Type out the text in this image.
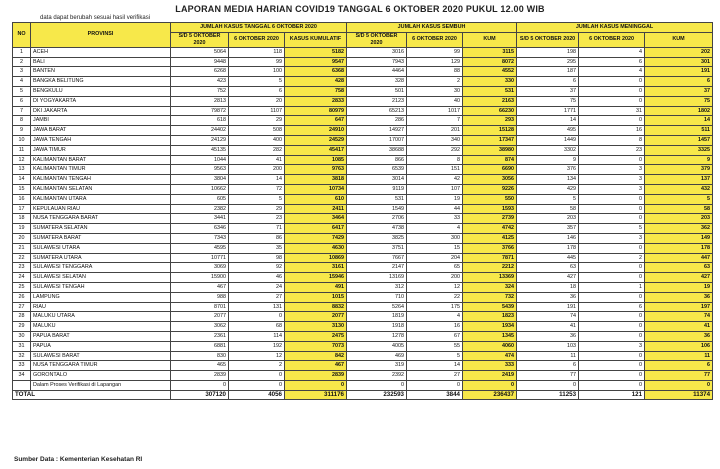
LAPORAN MEDIA HARIAN COVID19 TANGGAL 6 OKTOBER 2020 PUKUL 12.00 WIB
data dapat berubah sesuai hasil verifikasi
NO	PROVINSI	JUMLAH KASUS TANGGAL 6 OKTOBER 2020			JUMLAH KASUS SEMBUH			JUMLAH KASUS MENINGGAL		
		S/D 5 OKTOBER 2020	6 OKTOBER 2020	KASUS KUMULATIF	S/D 5 OKTOBER 2020	6 OKTOBER 2020	KUM	S/D 5 OKTOBER 2020	6 OKTOBER 2020	KUM
1	ACEH	5064	118	5182	3016	99	3115	198	4	202
2	BALI	9448	99	9547	7943	129	8072	295	6	301
3	BANTEN	6268	100	6368	4464	88	4552	187	4	191
4	BANGKA BELITUNG	423	5	428	328	2	330	6	0	6
5	BENGKULU	752	6	758	501	30	531	37	0	37
6	DI YOGYAKARTA	2813	20	2833	2123	40	2163	75	0	75
7	DKI JAKARTA	79872	1107	80979	65213	1017	66230	1771	31	1802
8	JAMBI	618	29	647	286	7	293	14	0	14
9	JAWA BARAT	24402	508	24910	14927	201	15128	495	16	511
10	JAWA TENGAH	24129	400	24529	17007	340	17347	1449	8	1457
11	JAWA TIMUR	45135	282	45417	38688	292	38980	3302	23	3325
12	KALIMANTAN BARAT	1044	41	1085	866	8	874	9	0	9
13	KALIMANTAN TIMUR	9563	200	9763	6539	151	6690	376	3	379
14	KALIMANTAN TENGAH	3804	14	3818	3014	42	3056	134	3	137
15	KALIMANTAN SELATAN	10662	72	10734	9119	107	9226	429	3	432
16	KALIMANTAN UTARA	605	5	610	531	19	550	5	0	5
17	KEPULAUAN RIAU	2382	29	2411	1549	44	1593	58	0	58
18	NUSA TENGGARA BARAT	3441	23	3464	2706	33	2739	203	0	203
19	SUMATERA SELATAN	6346	71	6417	4738	4	4742	357	5	362
20	SUMATERA BARAT	7343	86	7429	3825	300	4125	146	3	149
21	SULAWESI UTARA	4595	35	4630	3751	15	3766	178	0	178
22	SUMATERA UTARA	10771	98	10869	7667	204	7871	445	2	447
23	SULAWESI TENGGARA	3069	92	3161	2147	65	2212	63	0	63
24	SULAWESI SELATAN	15900	46	15946	13169	200	13369	427	0	427
25	SULAWESI TENGAH	467	24	491	312	12	324	18	1	19
26	LAMPUNG	988	27	1015	710	22	732	36	0	36
27	RIAU	8701	131	8832	5264	175	5439	191	6	197
28	MALUKU UTARA	2077	0	2077	1819	4	1823	74	0	74
29	MALUKU	3062	68	3130	1918	16	1934	41	0	41
30	PAPUA BARAT	2361	114	2475	1278	67	1345	36	0	36
31	PAPUA	6881	192	7073	4005	55	4060	103	3	106
32	SULAWESI BARAT	830	12	842	469	5	474	11	0	11
33	NUSA TENGGARA TIMUR	465	2	467	319	14	333	6	0	6
34	GORONTALO	2839	0	2839	2392	27	2419	77	0	77
	Dalam Proses Verifikasi di Lapangan	0	0	0	0	0	0	0	0	0
TOTAL		307120	4056	311176	232593	3844	236437	11253	121	11374
Sumber Data : Kementerian Kesehatan RI
